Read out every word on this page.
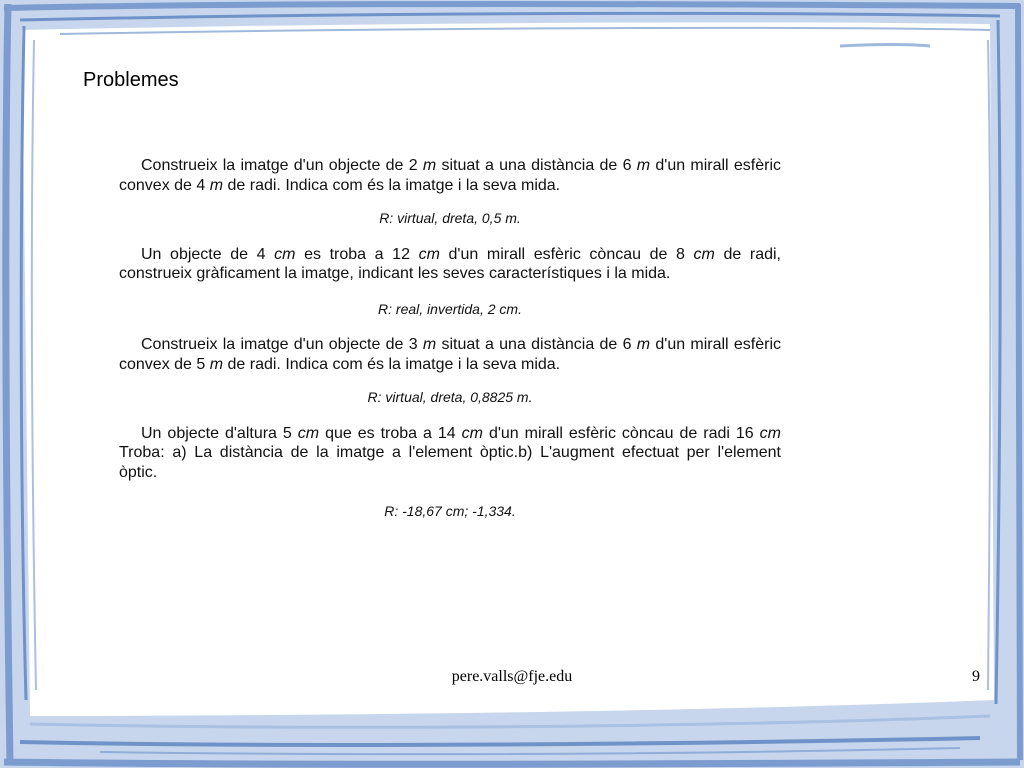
Problemes

Construeix la imatge d'un objecte de 2 m situat a una distància de 6 m d'un mirall esfèric convex de 4 m de radi. Indica com és la imatge i la seva mida.

R: virtual, dreta, 0,5 m.

Un objecte de 4 cm es troba a 12 cm d'un mirall esfèric còncau de 8 cm de radi, construeix gràficament la imatge, indicant les seves característiques i la mida.

R: real, invertida, 2 cm.

Construeix la imatge d'un objecte de 3 m situat a una distància de 6 m d'un mirall esfèric convex de 5 m de radi. Indica com és la imatge i la seva mida.

R: virtual, dreta, 0,8825 m.

Un objecte d'altura 5 cm que es troba a 14 cm d'un mirall esfèric còncau de radi 16 cm Troba: a) La distància de la imatge a l'element òptic.b) L'augment efectuat per l'element òptic.

R: -18,67 cm; -1,334.
pere.valls@fje.edu	9
